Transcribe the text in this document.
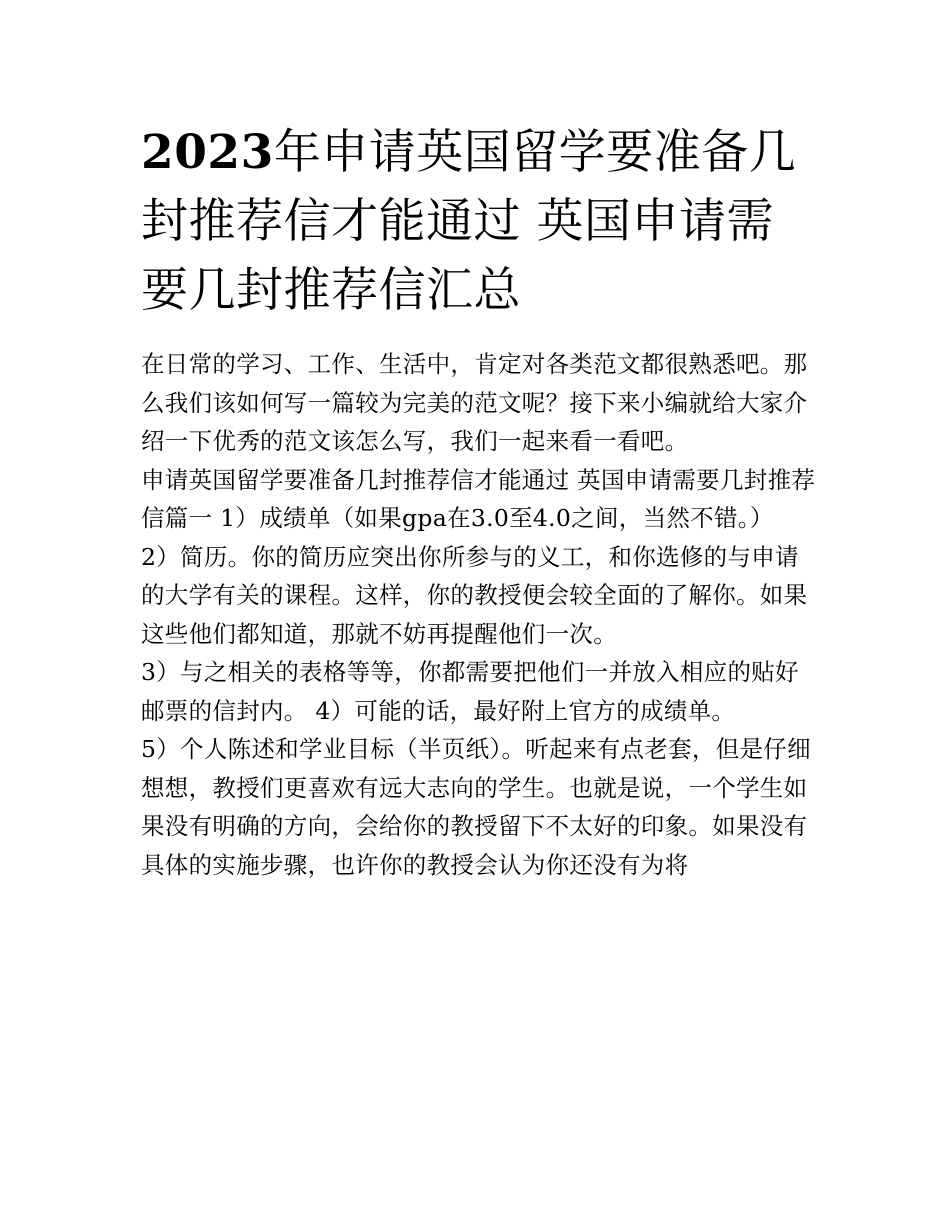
2023年申请英国留学要准备几封推荐信才能通过 英国申请需要几封推荐信汇总

在日常的学习、工作、生活中，肯定对各类范文都很熟悉吧。那么我们该如何写一篇较为完美的范文呢？接下来小编就给大家介绍一下优秀的范文该怎么写，我们一起来看一看吧。

申请英国留学要准备几封推荐信才能通过 英国申请需要几封推荐信篇一 1）成绩单（如果gpa在3.0至4.0之间，当然不错。）

2）简历。你的简历应突出你所参与的义工，和你选修的与申请的大学有关的课程。这样，你的教授便会较全面的了解你。如果这些他们都知道，那就不妨再提醒他们一次。

3）与之相关的表格等等，你都需要把他们一并放入相应的贴好邮票的信封内。 4）可能的话，最好附上官方的成绩单。

5）个人陈述和学业目标（半页纸）。听起来有点老套，但是仔细想想，教授们更喜欢有远大志向的学生。也就是说，一个学生如果没有明确的方向，会给你的教授留下不太好的印象。如果没有具体的实施步骤，也许你的教授会认为你还没有为将
